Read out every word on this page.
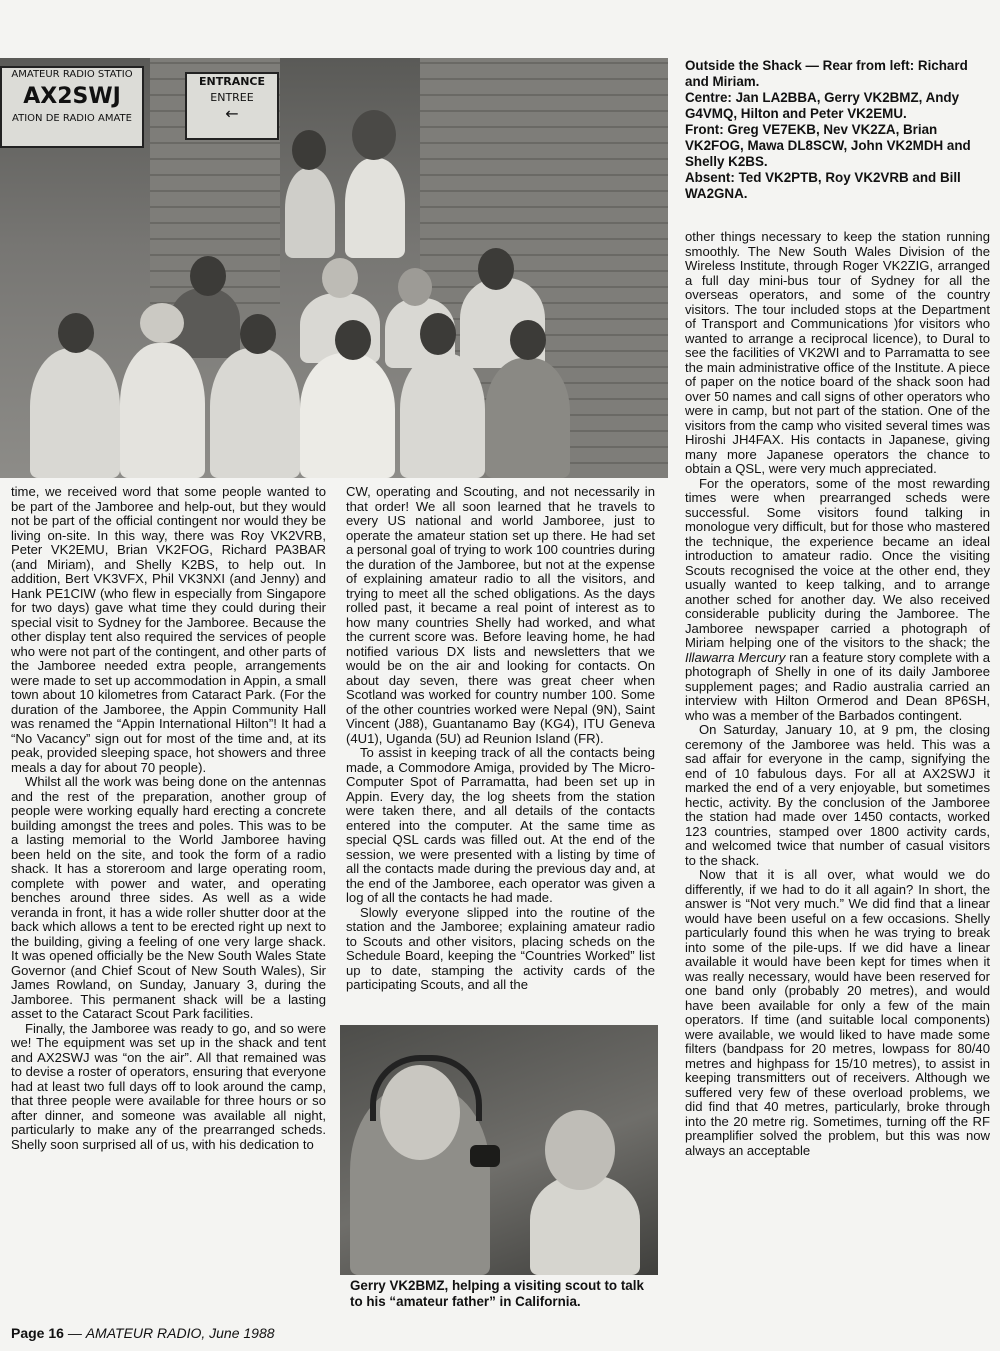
AMATEUR RADIO STATIO
AX2SWJ
ATION DE RADIO AMATE
ENTRANCE
ENTREE
←
Outside the Shack — Rear from left: Richard and Miriam.
Centre: Jan LA2BBA, Gerry VK2BMZ, Andy G4VMQ, Hilton and Peter VK2EMU.
Front: Greg VE7EKB, Nev VK2ZA, Brian VK2FOG, Mawa DL8SCW, John VK2MDH and Shelly K2BS.
Absent: Ted VK2PTB, Roy VK2VRB and Bill WA2GNA.

time, we received word that some people wanted to be part of the Jamboree and help-out, but they would not be part of the official contingent nor would they be living on-site. In this way, there was Roy VK2VRB, Peter VK2EMU, Brian VK2FOG, Richard PA3BAR (and Miriam), and Shelly K2BS, to help out. In addition, Bert VK3VFX, Phil VK3NXI (and Jenny) and Hank PE1CIW (who flew in especially from Singapore for two days) gave what time they could during their special visit to Sydney for the Jamboree. Because the other display tent also required the services of people who were not part of the contingent, and other parts of the Jamboree needed extra people, arrangements were made to set up accommodation in Appin, a small town about 10 kilometres from Cataract Park. (For the duration of the Jamboree, the Appin Community Hall was renamed the “Appin International Hilton”! It had a “No Vacancy” sign out for most of the time and, at its peak, provided sleeping space, hot showers and three meals a day for about 70 people).

Whilst all the work was being done on the antennas and the rest of the preparation, another group of people were working equally hard erecting a concrete building amongst the trees and poles. This was to be a lasting memorial to the World Jamboree having been held on the site, and took the form of a radio shack. It has a storeroom and large operating room, complete with power and water, and operating benches around three sides. As well as a wide veranda in front, it has a wide roller shutter door at the back which allows a tent to be erected right up next to the building, giving a feeling of one very large shack. It was opened officially be the New South Wales State Governor (and Chief Scout of New South Wales), Sir James Rowland, on Sunday, January 3, during the Jamboree. This permanent shack will be a lasting asset to the Cataract Scout Park facilities.

Finally, the Jamboree was ready to go, and so were we! The equipment was set up in the shack and tent and AX2SWJ was “on the air”. All that remained was to devise a roster of operators, ensuring that everyone had at least two full days off to look around the camp, that three people were available for three hours or so after dinner, and someone was available all night, particularly to make any of the prearranged scheds. Shelly soon surprised all of us, with his dedication to

CW, operating and Scouting, and not necessarily in that order! We all soon learned that he travels to every US national and world Jamboree, just to operate the amateur station set up there. He had set a personal goal of trying to work 100 countries during the duration of the Jamboree, but not at the expense of explaining amateur radio to all the visitors, and trying to meet all the sched obligations. As the days rolled past, it became a real point of interest as to how many countries Shelly had worked, and what the current score was. Before leaving home, he had notified various DX lists and newsletters that we would be on the air and looking for contacts. On about day seven, there was great cheer when Scotland was worked for country number 100. Some of the other countries worked were Nepal (9N), Saint Vincent (J88), Guantanamo Bay (KG4), ITU Geneva (4U1), Uganda (5U) ad Reunion Island (FR).

To assist in keeping track of all the contacts being made, a Commodore Amiga, provided by The Micro-Computer Spot of Parramatta, had been set up in Appin. Every day, the log sheets from the station were taken there, and all details of the contacts entered into the computer. At the same time as special QSL cards was filled out. At the end of the session, we were presented with a listing by time of all the contacts made during the previous day and, at the end of the Jamboree, each operator was given a log of all the contacts he had made.

Slowly everyone slipped into the routine of the station and the Jamboree; explaining amateur radio to Scouts and other visitors, placing scheds on the Schedule Board, keeping the “Countries Worked” list up to date, stamping the activity cards of the participating Scouts, and all the

Gerry VK2BMZ, helping a visiting scout to talk to his “amateur father” in California.

other things necessary to keep the station running smoothly. The New South Wales Division of the Wireless Institute, through Roger VK2ZIG, arranged a full day mini-bus tour of Sydney for all the overseas operators, and some of the country visitors. The tour included stops at the Department of Transport and Communications )for visitors who wanted to arrange a reciprocal licence), to Dural to see the facilities of VK2WI and to Parramatta to see the main administrative office of the Institute. A piece of paper on the notice board of the shack soon had over 50 names and call signs of other operators who were in camp, but not part of the station. One of the visitors from the camp who visited several times was Hiroshi JH4FAX. His contacts in Japanese, giving many more Japanese operators the chance to obtain a QSL, were very much appreciated.

For the operators, some of the most rewarding times were when prearranged scheds were successful. Some visitors found talking in monologue very difficult, but for those who mastered the technique, the experience became an ideal introduction to amateur radio. Once the visiting Scouts recognised the voice at the other end, they usually wanted to keep talking, and to arrange another sched for another day. We also received considerable publicity during the Jamboree. The Jamboree newspaper carried a photograph of Miriam helping one of the visitors to the shack; the Illawarra Mercury ran a feature story complete with a photograph of Shelly in one of its daily Jamboree supplement pages; and Radio australia carried an interview with Hilton Ormerod and Dean 8P6SH, who was a member of the Barbados contingent.

On Saturday, January 10, at 9 pm, the closing ceremony of the Jamboree was held. This was a sad affair for everyone in the camp, signifying the end of 10 fabulous days. For all at AX2SWJ it marked the end of a very enjoyable, but sometimes hectic, activity. By the conclusion of the Jamboree the station had made over 1450 contacts, worked 123 countries, stamped over 1800 activity cards, and welcomed twice that number of casual visitors to the shack.

Now that it is all over, what would we do differently, if we had to do it all again? In short, the answer is “Not very much.” We did find that a linear would have been useful on a few occasions. Shelly particularly found this when he was trying to break into some of the pile-ups. If we did have a linear available it would have been kept for times when it was really necessary, would have been reserved for one band only (probably 20 metres), and would have been available for only a few of the main operators. If time (and suitable local components) were available, we would liked to have made some filters (bandpass for 20 metres, lowpass for 80/40 metres and highpass for 15/10 metres), to assist in keeping transmitters out of receivers. Although we suffered very few of these overload problems, we did find that 40 metres, particularly, broke through into the 20 metre rig. Sometimes, turning off the RF preamplifier solved the problem, but this was now always an acceptable

Page 16 — AMATEUR RADIO, June 1988
